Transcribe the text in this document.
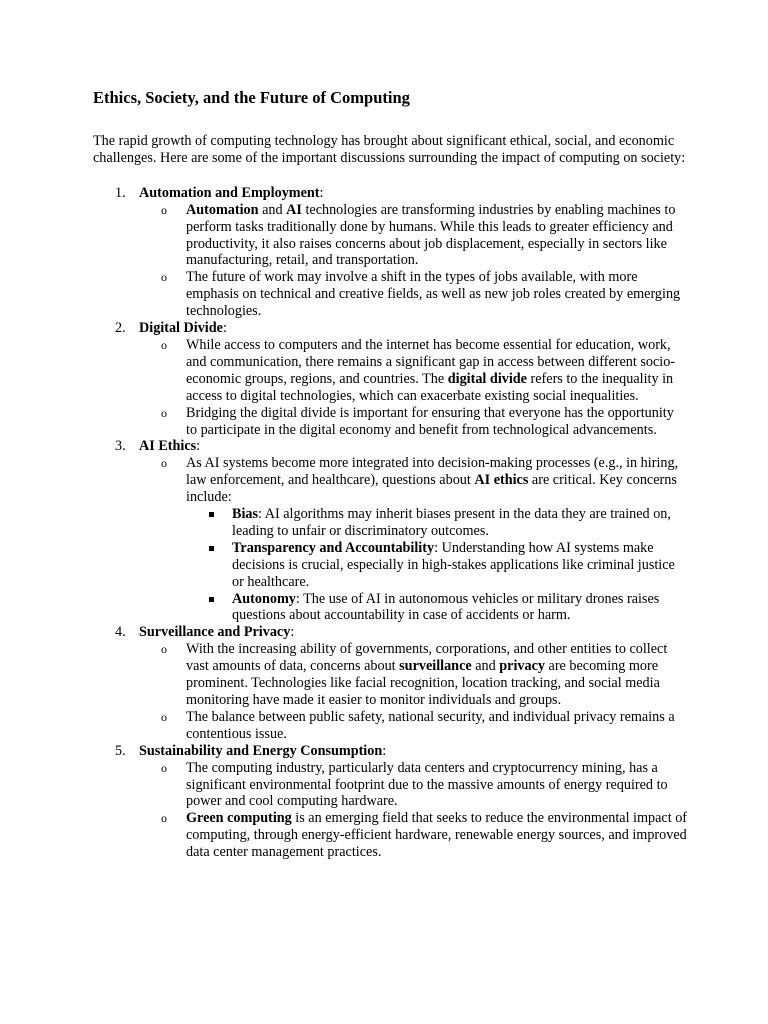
Ethics, Society, and the Future of Computing

The rapid growth of computing technology has brought about significant ethical, social, and economic challenges. Here are some of the important discussions surrounding the impact of computing on society:

1. Automation and Employment:
o Automation and AI technologies are transforming industries by enabling machines to perform tasks traditionally done by humans. While this leads to greater efficiency and productivity, it also raises concerns about job displacement, especially in sectors like manufacturing, retail, and transportation.
o The future of work may involve a shift in the types of jobs available, with more emphasis on technical and creative fields, as well as new job roles created by emerging technologies.
2. Digital Divide:
o While access to computers and the internet has become essential for education, work, and communication, there remains a significant gap in access between different socio-economic groups, regions, and countries. The digital divide refers to the inequality in access to digital technologies, which can exacerbate existing social inequalities.
o Bridging the digital divide is important for ensuring that everyone has the opportunity to participate in the digital economy and benefit from technological advancements.
3. AI Ethics:
o As AI systems become more integrated into decision-making processes (e.g., in hiring, law enforcement, and healthcare), questions about AI ethics are critical. Key concerns include:
Bias: AI algorithms may inherit biases present in the data they are trained on, leading to unfair or discriminatory outcomes.
Transparency and Accountability: Understanding how AI systems make decisions is crucial, especially in high-stakes applications like criminal justice or healthcare.
Autonomy: The use of AI in autonomous vehicles or military drones raises questions about accountability in case of accidents or harm.
4. Surveillance and Privacy:
o With the increasing ability of governments, corporations, and other entities to collect vast amounts of data, concerns about surveillance and privacy are becoming more prominent. Technologies like facial recognition, location tracking, and social media monitoring have made it easier to monitor individuals and groups.
o The balance between public safety, national security, and individual privacy remains a contentious issue.
5. Sustainability and Energy Consumption:
o The computing industry, particularly data centers and cryptocurrency mining, has a significant environmental footprint due to the massive amounts of energy required to power and cool computing hardware.
o Green computing is an emerging field that seeks to reduce the environmental impact of computing, through energy-efficient hardware, renewable energy sources, and improved data center management practices.
